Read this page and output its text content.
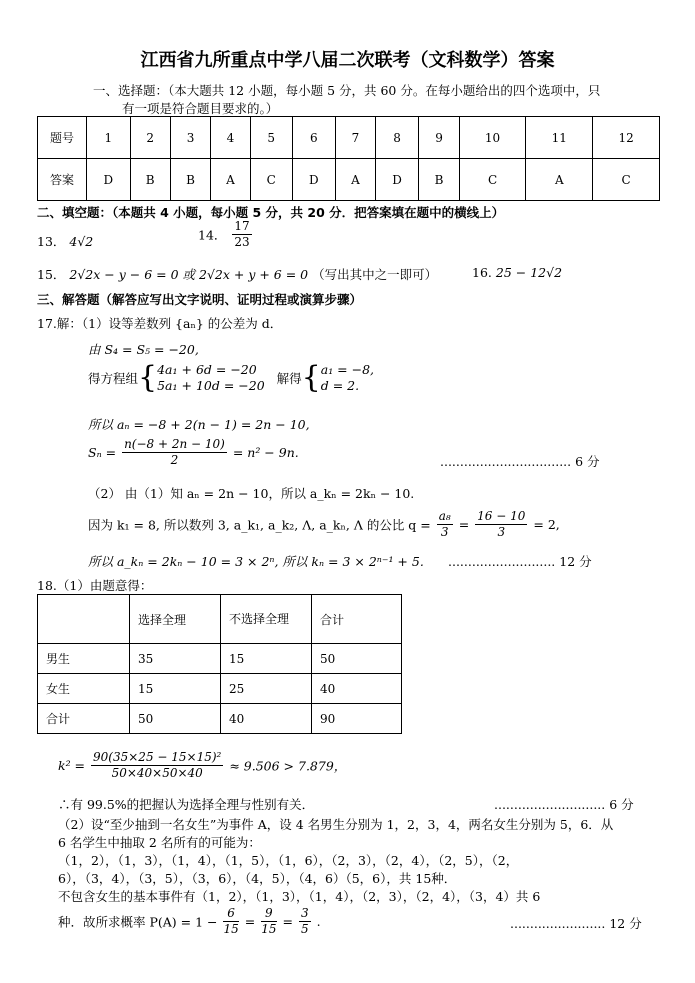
江西省九所重点中学八届二次联考（文科数学）答案
一、选择题：（本大题共 12 小题，每小题 5 分，共 60 分。在每小题给出的四个选项中，只
有一项是符合题目要求的。）
题号	1	2	3	4	5	6	7	8	9	10	11	12
答案	D	B	B	A	C	D	A	D	B	C	A	C
二、填空题：（本题共 4 小题，每小题 5 分，共 20 分．把答案填在题中的横线上）
13． 4√2	14． $\frac{17}{23}$
15． 2√2x − y − 6 = 0 或 2√2x + y + 6 = 0 （写出其中之一即可）	16. 25 − 12√2
三、解答题（解答应写出文字说明、证明过程或演算步骤）
17.解：（1）设等差数列 {aₙ} 的公差为 d．
由 S₄ = S₅ = −20,
得方程组{ 4a₁ + 6d = −20
5a₁ + 10d = −20 解得{ a₁ = −8,
d = 2.
所以 aₙ = −8 + 2(n − 1) = 2n − 10,
$S_n = \frac{n(-8 + 2n - 10)}{2} = n^2 - 9n$.
................................. 6 分
（2） 由（1）知 aₙ = 2n − 10，所以 a_kₙ = 2kₙ − 10.
因为 k₁ = 8, 所以数列 3, a_k₁, a_k₂, Λ, a_kₙ, Λ 的公比 $q = \frac{\text{a₈}}{3} = \frac{16 - 10}{3} = 2$,
所以 a_kₙ = 2kₙ − 10 = 3 × 2ⁿ, 所以 kₙ = 3 × 2ⁿ⁻¹ + 5. ........................... 12 分
18.（1）由题意得：
	选择全理	不选择全理	合计
男生	35	15	50
女生	15	25	40
合计	50	40	90
$k^2 = \frac{\text{90(35×25 − 15×15)²}}{50\times 40\times 50\times 40} \approx 9.506 > 7.879$，
∴有 99.5%的把握认为选择全理与性别有关．	............................ 6 分
（2）设“至少抽到一名女生”为事件 A，设 4 名男生分别为 1，2，3，4，两名女生分别为 5，6．从
6 名学生中抽取 2 名所有的可能为：
（1，2），（1，3），（1，4），（1，5），（1，6），（2，3），（2，4），（2，5），（2，
6），（3，4），（3，5），（3，6），（4，5），（4，6）（5，6），共 15种．
不包含女生的基本事件有（1，2），（1，3），（1，4），（2，3），（2，4），（3，4）共 6
种．故所求概率 $P(A) = 1 - \frac{6}{15} = \frac{9}{15} = \frac{3}{5}$ .	........................ 12 分
